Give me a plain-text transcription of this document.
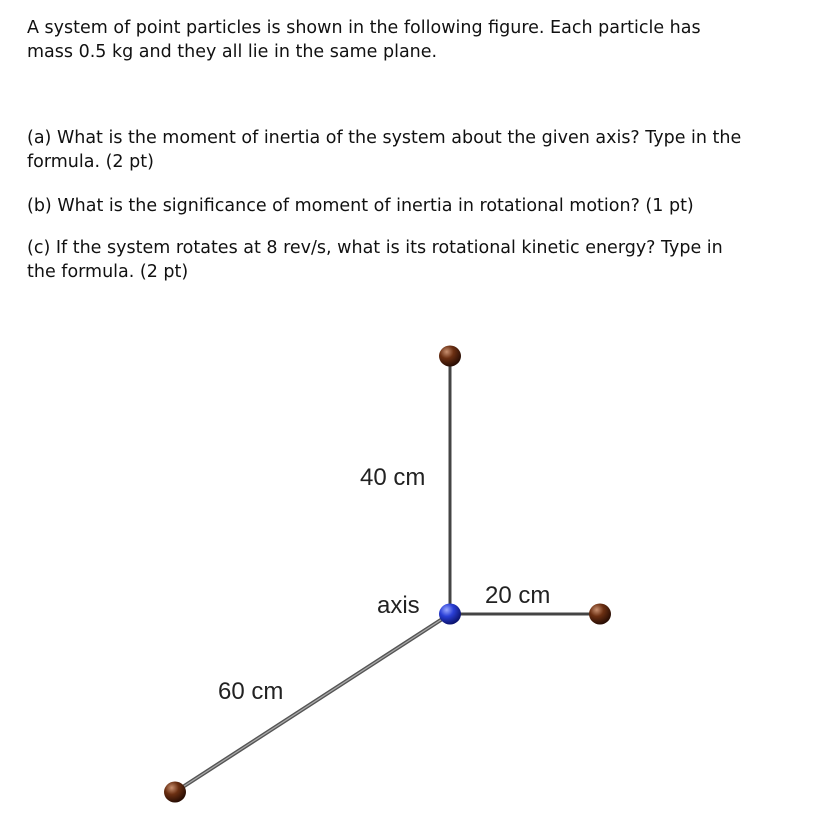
A system of point particles is shown in the following figure. Each particle has mass 0.5 kg and they all lie in the same plane.

(a) What is the moment of inertia of the system about the given axis? Type in the formula. (2 pt)

(b) What is the significance of moment of inertia in rotational motion? (1 pt)

(c) If the system rotates at 8 rev/s, what is its rotational kinetic energy? Type in the formula. (2 pt)

40 cm
axis	20 cm
60 cm
